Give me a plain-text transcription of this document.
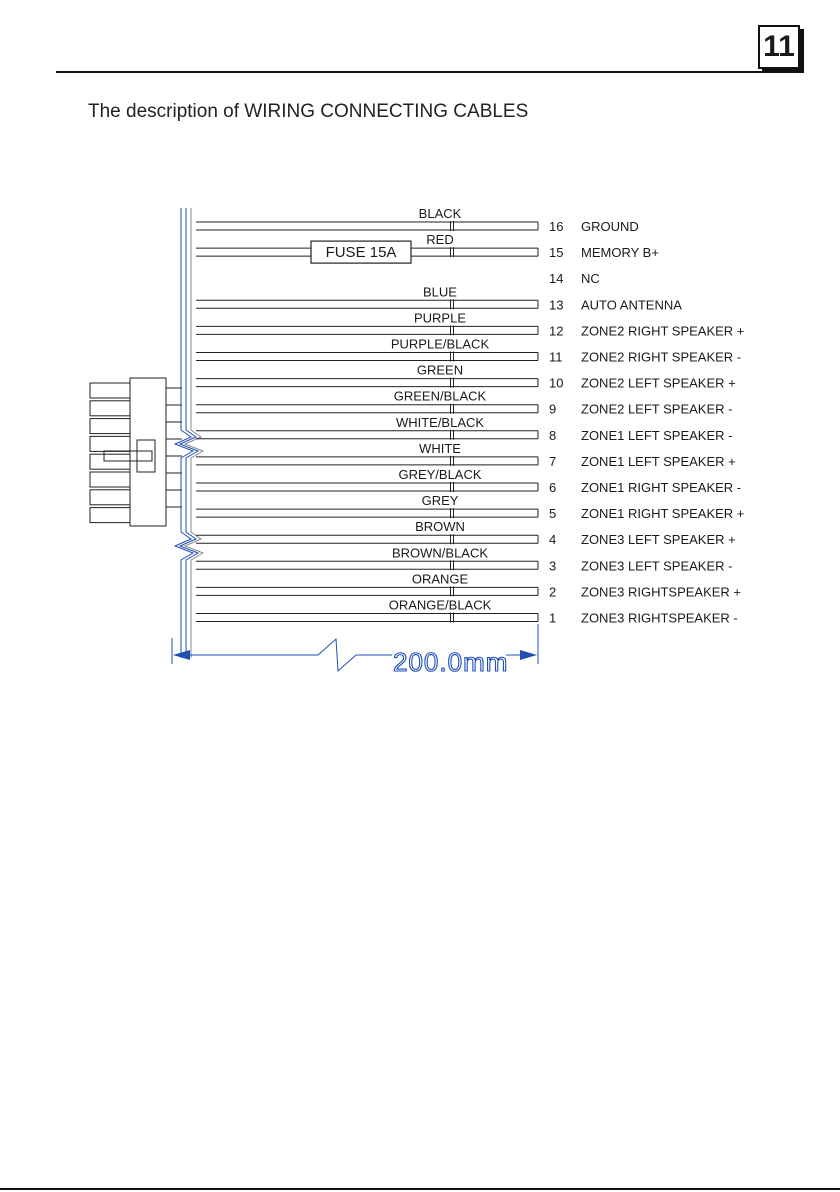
11
The description of WIRING CONNECTING CABLES
BLACK
16 GROUND
FUSE 15A
RED
15 MEMORY B+
14 NC
BLUE
13 AUTO ANTENNA
PURPLE
12 ZONE2 RIGHT SPEAKER +
PURPLE/BLACK
11 ZONE2 RIGHT SPEAKER -
GREEN
10 ZONE2 LEFT SPEAKER +
GREEN/BLACK
9 ZONE2 LEFT SPEAKER -
WHITE/BLACK
8 ZONE1 LEFT SPEAKER -
WHITE
7 ZONE1 LEFT SPEAKER +
GREY/BLACK
6 ZONE1 RIGHT SPEAKER -
GREY
5 ZONE1 RIGHT SPEAKER +
BROWN
4 ZONE3 LEFT SPEAKER +
BROWN/BLACK
3 ZONE3 LEFT SPEAKER -
ORANGE
2 ZONE3 RIGHTSPEAKER +
ORANGE/BLACK
1 ZONE3 RIGHTSPEAKER -
200.0mm
